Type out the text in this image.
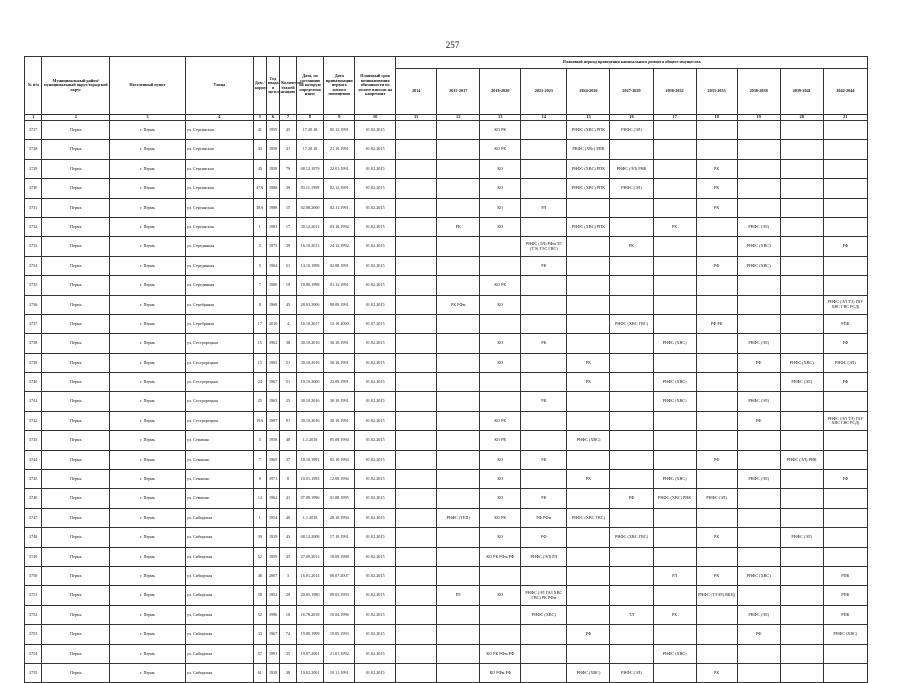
257
№ п/п	Муниципальный район/ муниципальный округ/городской округ	Населенный пункт	Улица	Дом / корпус	Год ввода в эксплуатацию	Количество этажей	Дата, по состоянию на которую определена износ	Дата приватизации первого жилого помещения	Плановый срок возникновения обязанности по уплате взносов на капремонт	Плановый период проведения капитального ремонта общего имущества										
										2014	2015-2017	2018-2020	2021-2023	2024-2026	2027-2029	2030-2032	2033-2035	2036-2038	2039-2041	2042-2044
1	2	3	4	5	6	7	8	9	10	11	12	13	14	15	16	17	18	19	20	21
3727	Пермь	г. Пермь	ул. Сергинская	41	1959	45	17.20.18	05.12.1991	01.02.2015			КО РК		РНФС (ХВС) РПК	РНФС (ЭЛ)					
3728	Пермь	г. Пермь	ул. Сергинская	43	1958	41	17.20.18	21.10.1991	01.02.2015			КО РК		РНФС (ХВс) РПК						
3729	Пермь	г. Пермь	ул. Сергинская	45	1958	79	08.12.1979	22.01.1991	01.02.2015			КО		РНФС (ХВС) РПК	РНФС (ЭЛ) РНК		РК			
3730	Пермь	г. Пермь	ул. Сергинская	47А	1988	39	03.11.1999	02.12.1991	01.02.2015			КО		РНФС (ХВС) РПК	РНФС (ЭЛ)		РК			
3731	Пермь	г. Пермь	ул. Сергинская	38А	1988	15	02.08.2000	02.11.1991	01.02.2015			КО	РЛ				РК			
3732	Пермь	г. Пермь	ул. Сергинская	1	1983	17	30.12.2012	03.10.1992	01.02.2015		РК	КО		РНФС (ХВС) РПК		РК		РНФС (ЭЛ)		
3733	Пермь	г. Пермь	ул. Серединная	3	1975	39	16.10.2013	24.12.1992	01.02.2015				РНФС (ЭЛ) РФм ТГ (ТЭ) ТЭС ГВС)		РК			РНФС (ХВС)		РФ
3734	Пермь	г. Пермь	ул. Серединная	5	1964	51	14.10.1998	02.08.1991	01.02.2015				РК				РФ	РНФС (ХВС)		
3735	Пермь	г. Пермь	ул. Серединная	7	1980	19	18.08.1998	01.12.1991	01.02.2015			КО РК								
3736	Пермь	г. Пермь	ул. Серебряная	8	1968	45	28.03.2006	08.09.1991	01.02.2015		РК РФм	КО								РНФС (ЭЛ ТЭ) ГАУ ХВС ГВС РСД)
3737	Пермь	г. Пермь	ул. Серебряная	17	2010	4	16.10.2017	15.10.2000	01.07.2015						РНФС (ХВС ГВС)		РФ РК			РПК
3738	Пермь	г. Пермь	ул. Сестрорецкая	15	1962	38	30.10.2016	30.10.1991	01.02.2015			КО	РК			РНФС (ХВС)		РНФС (ЭЛ)		РФ
3739	Пермь	г. Пермь	ул. Сестрорецкая	13	1965	51	30.10.2016	30.10.1991	01.02.2015			КО		РК				РФ	РНФС (ХВС)	РНФС (ЭЛ)
3740	Пермь	г. Пермь	ул. Сестрорецкая	24	1967	51	10.10.2000	23.09.1991	01.02.2015					РК		РНФС (ХВС)			РНФС (ЭЛ)	РФ
3741	Пермь	г. Пермь	ул. Сестрорецкая	25	1963	25	30.10.2016	30.10.1991	01.02.2015				РК			РНФС (ХВС)		РНФС (ЭЛ)		
3742	Пермь	г. Пермь	ул. Сестрорецкая	19А	1987	91	30.10.2016	30.10.1991	01.02.2015			КО РК						РФ		РНФС (ЭЛ ТЭ) ГАУ ХВС ГВС РСД)
3743	Пермь	г. Пермь	ул. Семашко	3	1958	48	1.1.2018	05.08.1994	01.02.2015			КО РК		РНФС (ХВС)						
3744	Пермь	г. Пермь	ул. Семашко	7	1965	37	18.10.1992	05.10.1994	01.02.2015			КО	РК				РФ		РНФС (ЭЛ) РНК	
3745	Пермь	г. Пермь	ул. Семашко	9	1971	8	10.01.1993	12.08.1994	01.02.2015			КО		РК		РНФС (ХВС)		РНФС (ЭЛ)		РФ
3746	Пермь	г. Пермь	ул. Семашко	14	1962	41	07.09.1996	01.08.1995	01.02.2015			КО	РК		РФ	РНФС (ХВС) РНК	РНФС (ЭЛ)			
3747	Пермь	г. Пермь	ул. Сибирская	1	1954	40	1.1.2018	28.10.1994	01.02.2015		РНФС (ТЕП)	КО РК	РФ РФм	РНФС (ХВС ГВС)						
3748	Пермь	г. Пермь	ул. Сибирская	39	1929	43	08.12.2008	17.10.1991	01.02.2015			КО	РФ		РНФС (ХВС ГВС)		РК		РНФС (ЭЛ)	
3749	Пермь	г. Пермь	ул. Сибирская	52	1959	45	27.09.2013	18.09.1998	01.02.2015			КО РК РФм РФ	РНФС (ЭЛ) РЛ							
3750	Пермь	г. Пермь	ул. Сибирская	46	2007	3	16.01.2014	06.07.2007	01.02.2015							РЛ	РК	РНФС (ХВС)		РПК
3751	Пермь	г. Пермь	ул. Сибирская	58	1952	29	20.05.1980	09.03.1993	01.02.2015		РЛ	КО	РНФС (ЭЛ ГАЗ ХВС ГВС) РК РФм				РНФС (ТЭЭЛ) ВКЦ)			РПК
3752	Пермь	г. Пермь	ул. Сибирская	52	1996	10	16.78.2018	10.04.1996	01.02.2015				РНФС (ХВС)		ТЛ	РК		РНФС (ЭЛ)		РПК
3753	Пермь	г. Пермь	ул. Сибирская	33	1967	74	19.09.1999	19.05.1993	01.02.2015					РФ				РФ		РНФС (ХВС)
3754	Пермь	г. Пермь	ул. Сибирская	57	1991	35	19.07.2001	21.01.1992	01.02.2015			КО РК РФм РФ				РНФС (ХВС)				
3755	Пермь	г. Пермь	ул. Сибирская	61	1938	38	19.02.2001	10.11.1991	01.02.2015			КО РФм РФ		РНФС (ХВС)	РНФС (ЭЛ)		РК			
